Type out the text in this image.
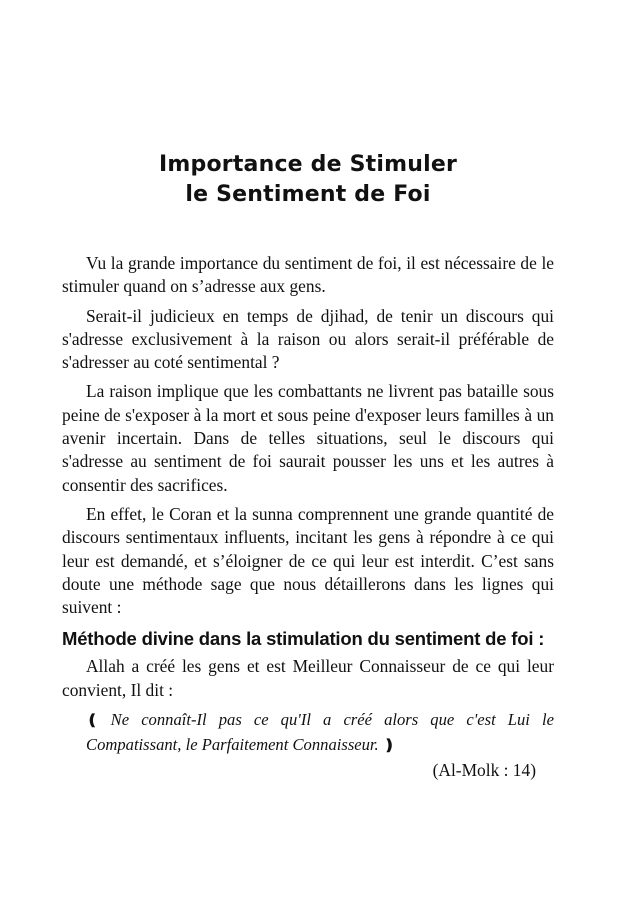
Importance de Stimuler
le Sentiment de Foi

Vu la grande importance du sentiment de foi, il est nécessaire de le stimuler quand on s’adresse aux gens.

Serait-il judicieux en temps de djihad, de tenir un discours qui s'adresse exclusivement à la raison ou alors serait-il préférable de s'adresser au coté sentimental ?

La raison implique que les combattants ne livrent pas bataille sous peine de s'exposer à la mort et sous peine d'exposer leurs familles à un avenir incertain. Dans de telles situations, seul le discours qui s'adresse au sentiment de foi saurait pousser les uns et les autres à consentir des sacrifices.

En effet, le Coran et la sunna comprennent une grande quantité de discours sentimentaux influents, incitant les gens à répondre à ce qui leur est demandé, et s’éloigner de ce qui leur est interdit. C’est sans doute une méthode sage que nous détaillerons dans les lignes qui suivent :

Méthode divine dans la stimulation du sentiment de foi :

Allah a créé les gens et est Meilleur Connaisseur de ce qui leur convient, Il dit :

❪ Ne connaît-Il pas ce qu'Il a créé alors que c'est Lui le Compatissant, le Parfaitement Connaisseur. ❫

(Al-Molk : 14)
